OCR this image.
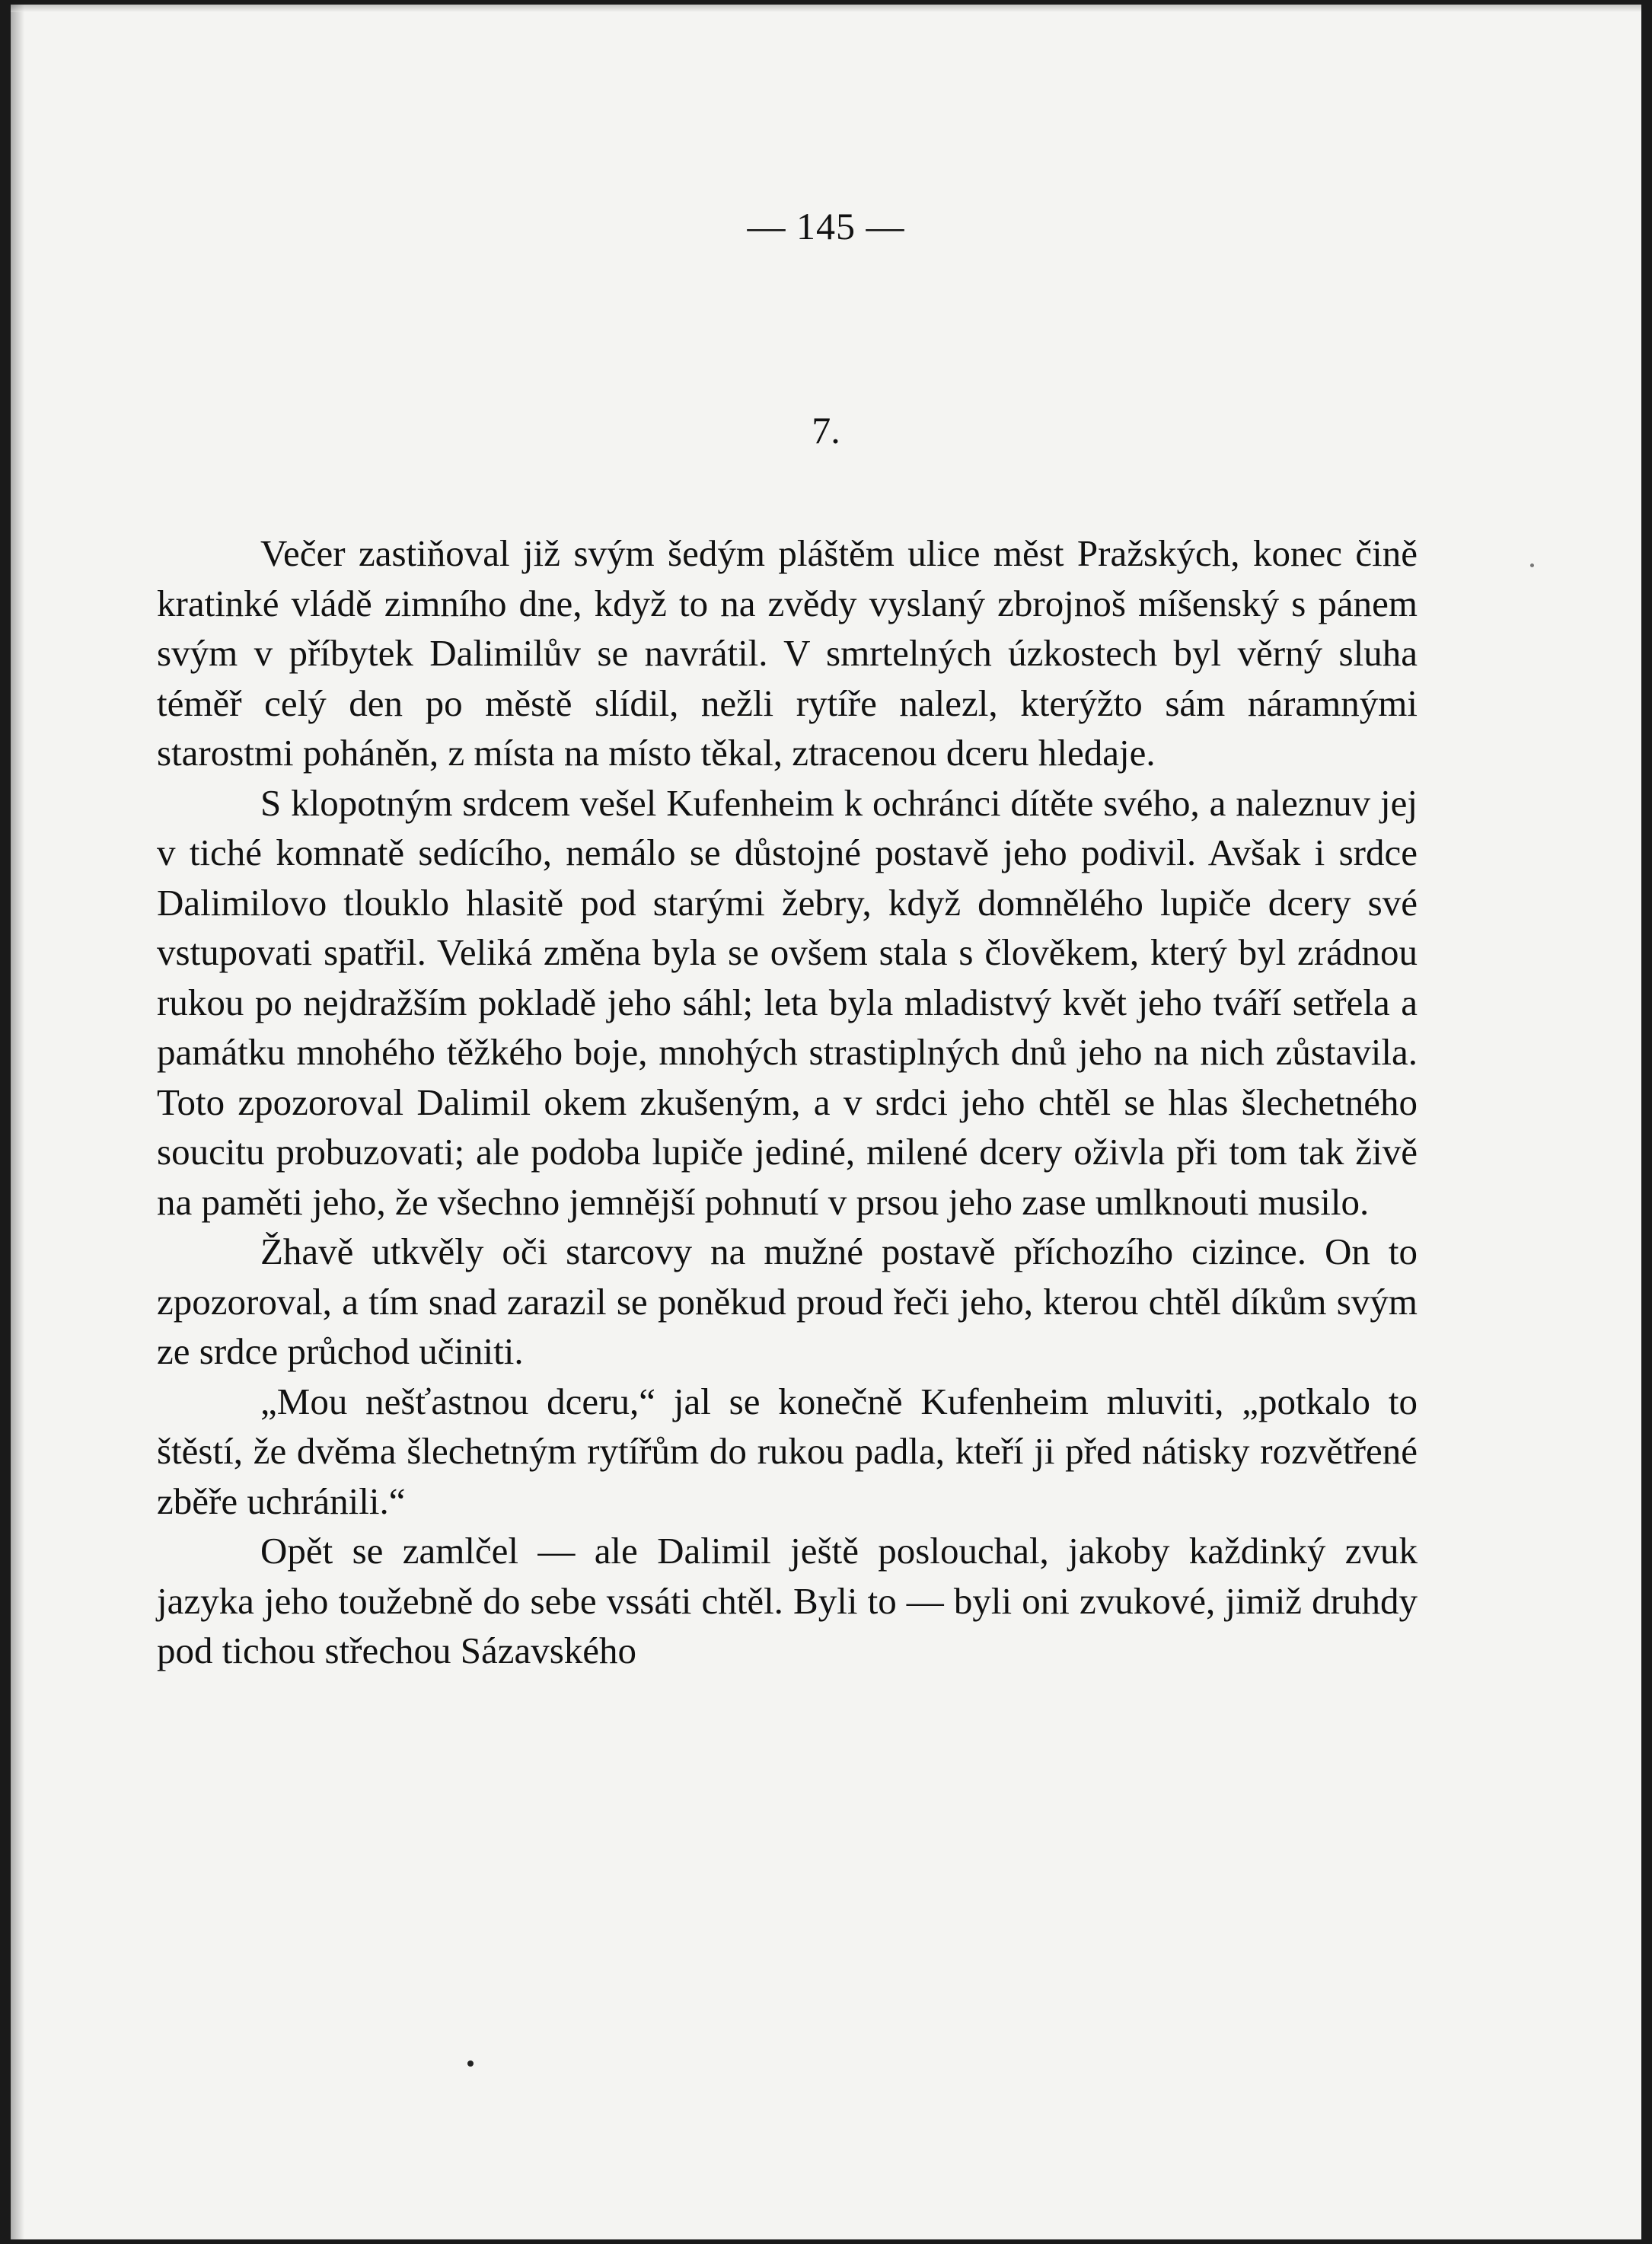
— 145 —
7.

Večer zastiňoval již svým šedým pláštěm ulice měst Pražských, konec čině kratinké vládě zimního dne, když to na zvědy vyslaný zbrojnoš míšenský s pánem svým v příbytek Dalimilův se navrátil. V smrtelných úzkostech byl věrný sluha téměř celý den po městě slídil, nežli rytíře nalezl, kterýžto sám náramnými starostmi poháněn, z místa na místo těkal, ztracenou dceru hledaje.

S klopotným srdcem vešel Kufenheim k ochránci dítěte svého, a naleznuv jej v tiché komnatě sedícího, nemálo se důstojné postavě jeho podivil. Avšak i srdce Dalimilovo tlouklo hlasitě pod starými žebry, když domnělého lupiče dcery své vstupovati spatřil. Veliká změna byla se ovšem stala s člověkem, který byl zrádnou rukou po nejdražším pokladě jeho sáhl; leta byla mladistvý květ jeho tváří setřela a památku mnohého těžkého boje, mnohých strastiplných dnů jeho na nich zůstavila. Toto zpozoroval Dalimil okem zkušeným, a v srdci jeho chtěl se hlas šlechetného soucitu probuzovati; ale podoba lupiče jediné, milené dcery oživla při tom tak živě na paměti jeho, že všechno jemnější pohnutí v prsou jeho zase umlknouti musilo.

Žhavě utkvěly oči starcovy na mužné postavě příchozího cizince. On to zpozoroval, a tím snad zarazil se poněkud proud řeči jeho, kterou chtěl díkům svým ze srdce průchod učiniti.

„Mou nešťastnou dceru,“ jal se konečně Kufenheim mluviti, „potkalo to štěstí, že dvěma šlechetným rytířům do rukou padla, kteří ji před nátisky rozvětřené zběře uchránili.“

Opět se zamlčel — ale Dalimil ještě poslouchal, jakoby každinký zvuk jazyka jeho toužebně do sebe vssáti chtěl. Byli to — byli oni zvukové, jimiž druhdy pod tichou střechou Sázavského
